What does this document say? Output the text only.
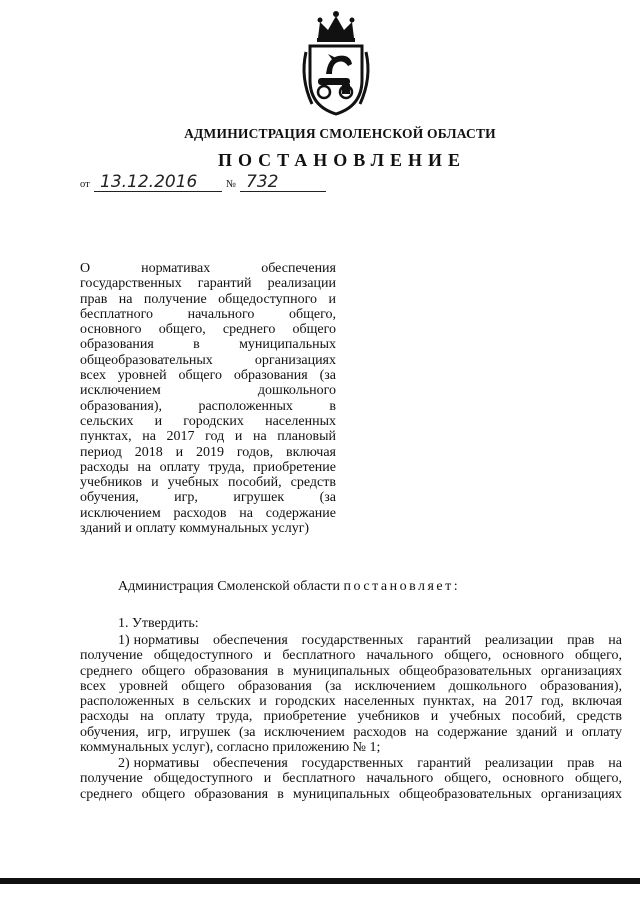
АДМИНИСТРАЦИЯ СМОЛЕНСКОЙ ОБЛАСТИ
ПОСТАНОВЛЕНИЕ
от 13.12.2016	№ 732
О нормативах обеспечения
государственных гарантий реализации
прав на получение общедоступного и
бесплатного начального общего,
основного общего, среднего общего
образования в муниципальных
общеобразовательных организациях
всех уровней общего образования (за
исключением дошкольного
образования), расположенных в
сельских и городских населенных
пунктах, на 2017 год и на плановый
период 2018 и 2019 годов, включая
расходы на оплату труда, приобретение
учебников и учебных пособий, средств
обучения, игр, игрушек (за
исключением расходов на содержание
зданий и оплату коммунальных услуг)
Администрация Смоленской области постановляет:
1. Утвердить:
1) нормативы обеспечения государственных гарантий реализации прав на
получение общедоступного и бесплатного начального общего, основного общего,
среднего общего образования в муниципальных общеобразовательных организациях
всех уровней общего образования (за исключением дошкольного образования),
расположенных в сельских и городских населенных пунктах, на 2017 год, включая
расходы на оплату труда, приобретение учебников и учебных пособий, средств
обучения, игр, игрушек (за исключением расходов на содержание зданий и оплату
коммунальных услуг), согласно приложению № 1;
2) нормативы обеспечения государственных гарантий реализации прав на
получение общедоступного и бесплатного начального общего, основного общего,
среднего общего образования в муниципальных общеобразовательных организациях
